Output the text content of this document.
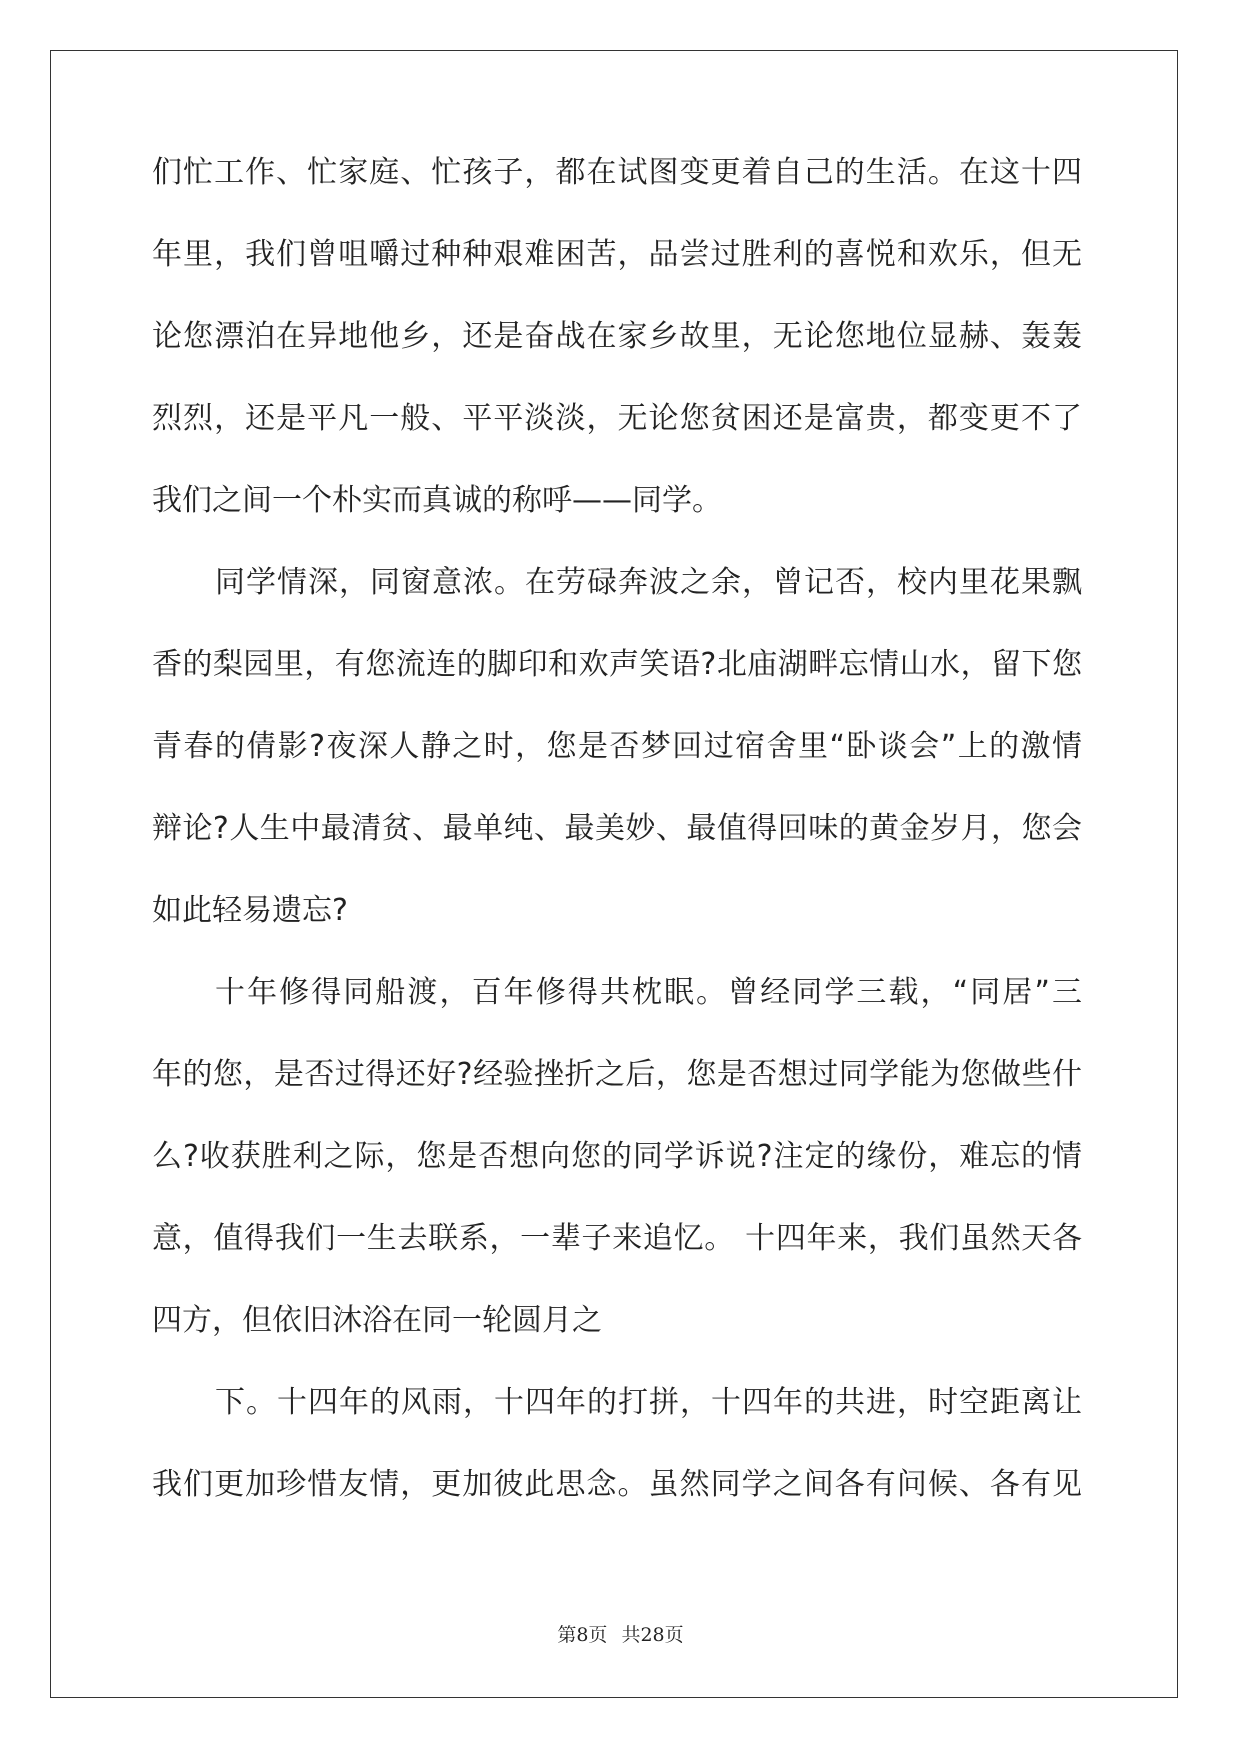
们忙工作、忙家庭、忙孩子，都在试图变更着自己的生活。在这十四
年里，我们曾咀嚼过种种艰难困苦，品尝过胜利的喜悦和欢乐，但无
论您漂泊在异地他乡，还是奋战在家乡故里，无论您地位显赫、轰轰
烈烈，还是平凡一般、平平淡淡，无论您贫困还是富贵，都变更不了
我们之间一个朴实而真诚的称呼——同学。
同学情深，同窗意浓。在劳碌奔波之余，曾记否，校内里花果飘
香的梨园里，有您流连的脚印和欢声笑语?北庙湖畔忘情山水，留下您
青春的倩影?夜深人静之时，您是否梦回过宿舍里“卧谈会”上的激情
辩论?人生中最清贫、最单纯、最美妙、最值得回味的黄金岁月，您会
如此轻易遗忘?
十年修得同船渡，百年修得共枕眠。曾经同学三载，“同居”三
年的您，是否过得还好?经验挫折之后，您是否想过同学能为您做些什
么?收获胜利之际，您是否想向您的同学诉说?注定的缘份，难忘的情
意，值得我们一生去联系，一辈子来追忆。 十四年来，我们虽然天各
四方，但依旧沐浴在同一轮圆月之
下。十四年的风雨，十四年的打拼，十四年的共进，时空距离让
我们更加珍惜友情，更加彼此思念。虽然同学之间各有问候、各有见
第8页 共28页
